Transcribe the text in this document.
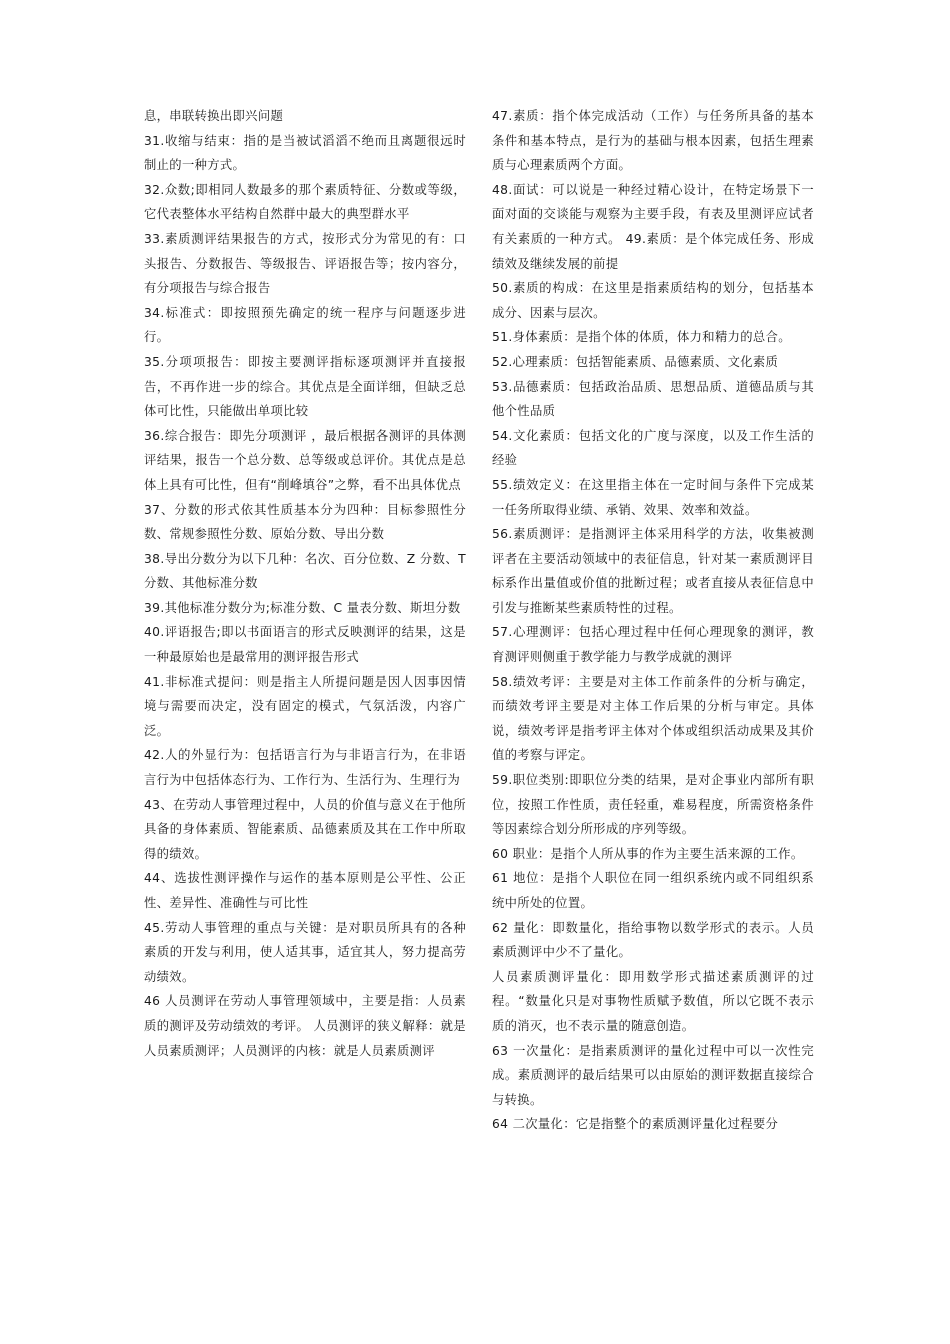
息，串联转换出即兴问题

31.收缩与结束：指的是当被试滔滔不绝而且离题很远时制止的一种方式。

32.众数;即相同人数最多的那个素质特征、分数或等级，它代表整体水平结构自然群中最大的典型群水平

33.素质测评结果报告的方式，按形式分为常见的有：口头报告、分数报告、等级报告、评语报告等；按内容分，有分项报告与综合报告

34.标准式：即按照预先确定的统一程序与问题逐步进行。

35.分项项报告：即按主要测评指标逐项测评并直接报告，不再作进一步的综合。其优点是全面详细，但缺乏总体可比性，只能做出单项比较

36.综合报告：即先分项测评 ，最后根据各测评的具体测评结果，报告一个总分数、总等级或总评价。其优点是总体上具有可比性，但有“削峰填谷”之弊，看不出具体优点

37、分数的形式依其性质基本分为四种：目标参照性分数、常规参照性分数、原始分数、导出分数

38.导出分数分为以下几种：名次、百分位数、Z 分数、T 分数、其他标准分数

39.其他标准分数分为;标准分数、C 量表分数、斯坦分数

40.评语报告;即以书面语言的形式反映测评的结果，这是一种最原始也是最常用的测评报告形式

41.非标准式提问：则是指主人所提问题是因人因事因情境与需要而决定，没有固定的模式，气氛活泼，内容广泛。

42.人的外显行为：包括语言行为与非语言行为，在非语言行为中包括体态行为、工作行为、生活行为、生理行为

43、在劳动人事管理过程中，人员的价值与意义在于他所具备的身体素质、智能素质、品德素质及其在工作中所取得的绩效。

44、选拔性测评操作与运作的基本原则是公平性、公正性、差异性、准确性与可比性

45.劳动人事管理的重点与关键：是对职员所具有的各种素质的开发与利用，使人适其事，适宜其人，努力提高劳动绩效。

46 人员测评在劳动人事管理领域中，主要是指：人员素质的测评及劳动绩效的考评。 人员测评的狭义解释：就是人员素质测评；人员测评的内核：就是人员素质测评

47.素质：指个体完成活动（工作）与任务所具备的基本条件和基本特点，是行为的基础与根本因素，包括生理素质与心理素质两个方面。

48.面试：可以说是一种经过精心设计，在特定场景下一面对面的交谈能与观察为主要手段，有表及里测评应试者有关素质的一种方式。 49.素质：是个体完成任务、形成绩效及继续发展的前提

50.素质的构成：在这里是指素质结构的划分，包括基本成分、因素与层次。

51.身体素质：是指个体的体质，体力和精力的总合。

52.心理素质：包括智能素质、品德素质、文化素质

53.品德素质：包括政治品质、思想品质、道德品质与其他个性品质

54.文化素质：包括文化的广度与深度，以及工作生活的经验

55.绩效定义：在这里指主体在一定时间与条件下完成某一任务所取得业绩、承销、效果、效率和效益。

56.素质测评：是指测评主体采用科学的方法，收集被测评者在主要活动领域中的表征信息，针对某一素质测评目标系作出量值或价值的批断过程；或者直接从表征信息中引发与推断某些素质特性的过程。

57.心理测评：包括心理过程中任何心理现象的测评，教育测评则侧重于教学能力与教学成就的测评

58.绩效考评：主要是对主体工作前条件的分析与确定，而绩效考评主要是对主体工作后果的分析与审定。具体说，绩效考评是指考评主体对个体或组织活动成果及其价值的考察与评定。

59.职位类别:即职位分类的结果，是对企事业内部所有职位，按照工作性质，责任轻重，难易程度，所需资格条件等因素综合划分所形成的序列等级。

60 职业：是指个人所从事的作为主要生活来源的工作。

61 地位：是指个人职位在同一组织系统内或不同组织系统中所处的位置。

62 量化：即数量化，指给事物以数学形式的表示。人员素质测评中少不了量化。

人员素质测评量化：即用数学形式描述素质测评的过程。“数量化只是对事物性质赋予数值，所以它既不表示质的消灭，也不表示量的随意创造。

63 一次量化：是指素质测评的量化过程中可以一次性完成。素质测评的最后结果可以由原始的测评数据直接综合与转换。

64 二次量化：它是指整个的素质测评量化过程要分
